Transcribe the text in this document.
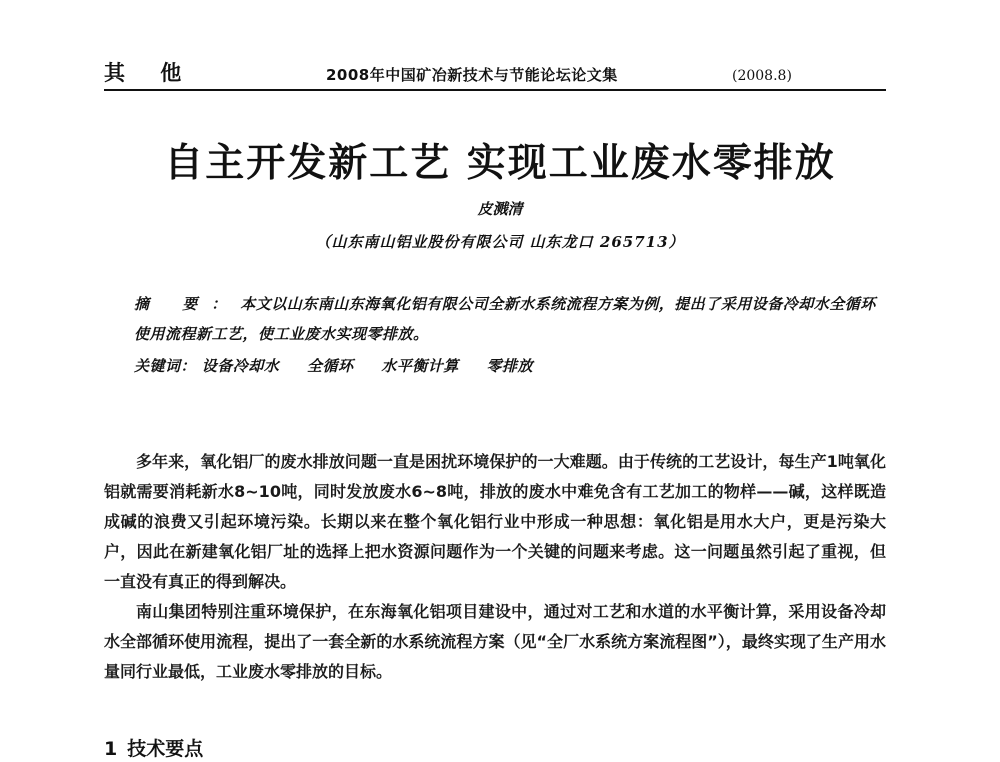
其 他	2008年中国矿冶新技术与节能论坛论文集	(2008.8)
自主开发新工艺 实现工业废水零排放
皮溅清
（山东南山铝业股份有限公司 山东龙口 265713）
摘 要：本文以山东南山东海氧化铝有限公司全新水系统流程方案为例，提出了采用设备冷却水全循环使用流程新工艺，使工业废水实现零排放。
关键词： 设备冷却水 全循环 水平衡计算 零排放

多年来，氧化铝厂的废水排放问题一直是困扰环境保护的一大难题。由于传统的工艺设计，每生产1吨氧化铝就需要消耗新水8~10吨，同时发放废水6~8吨，排放的废水中难免含有工艺加工的物样——碱，这样既造成碱的浪费又引起环境污染。长期以来在整个氧化铝行业中形成一种思想：氧化铝是用水大户，更是污染大户，因此在新建氧化铝厂址的选择上把水资源问题作为一个关键的问题来考虑。这一问题虽然引起了重视，但一直没有真正的得到解决。

南山集团特别注重环境保护，在东海氧化铝项目建设中，通过对工艺和水道的水平衡计算，采用设备冷却水全部循环使用流程，提出了一套全新的水系统流程方案（见“全厂水系统方案流程图”），最终实现了生产用水量同行业最低，工业废水零排放的目标。

1 技术要点
